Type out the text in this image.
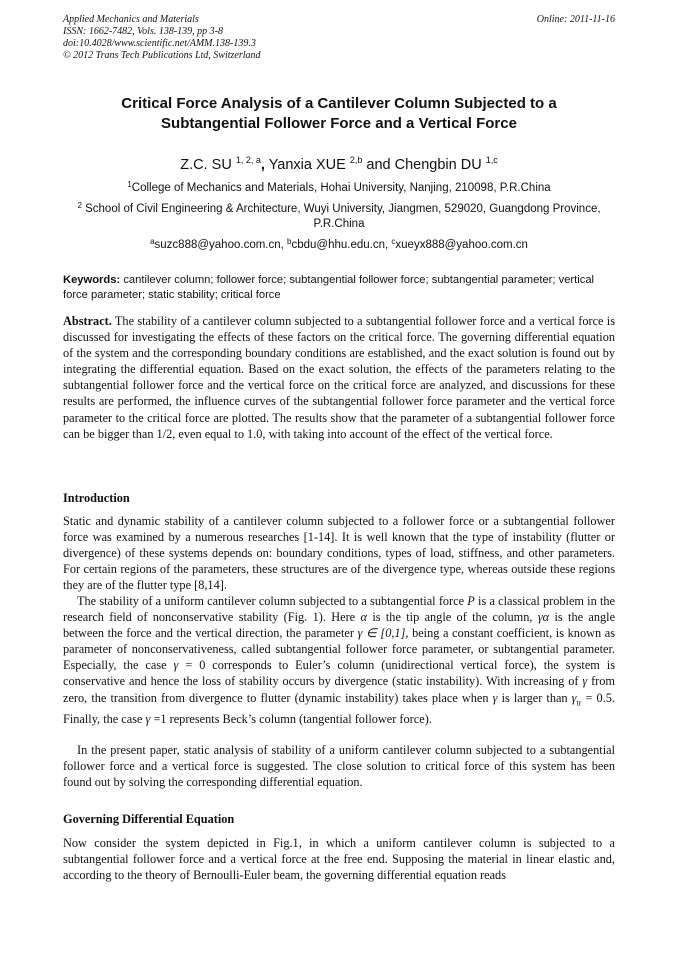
Applied Mechanics and Materials
ISSN: 1662-7482, Vols. 138-139, pp 3-8
doi:10.4028/www.scientific.net/AMM.138-139.3
© 2012 Trans Tech Publications Ltd, Switzerland
Online: 2011-11-16
Critical Force Analysis of a Cantilever Column Subjected to a
Subtangential Follower Force and a Vertical Force
Z.C. SU $^{1, 2, a}$, Yanxia XUE $^{2,b}$ and Chengbin DU $^{1,c}$
$^1$College of Mechanics and Materials, Hohai University, Nanjing, 210098, P.R.China
$^2$ School of Civil Engineering & Architecture, Wuyi University, Jiangmen, 529020, Guangdong Province, P.R.China
$^a$suzc888@yahoo.com.cn, $^b$cbdu@hhu.edu.cn, $^c$xueyx888@yahoo.com.cn
Keywords: cantilever column; follower force; subtangential follower force; subtangential parameter; vertical force parameter; static stability; critical force
Abstract. The stability of a cantilever column subjected to a subtangential follower force and a vertical force is discussed for investigating the effects of these factors on the critical force. The governing differential equation of the system and the corresponding boundary conditions are established, and the exact solution is found out by integrating the differential equation. Based on the exact solution, the effects of the parameters relating to the subtangential follower force and the vertical force on the critical force are analyzed, and discussions for these results are performed, the influence curves of the subtangential follower force parameter and the vertical force parameter to the critical force are plotted. The results show that the parameter of a subtangential follower force can be bigger than 1/2, even equal to 1.0, with taking into account of the effect of the vertical force.
Introduction
Static and dynamic stability of a cantilever column subjected to a follower force or a subtangential follower force was examined by a numerous researches [1-14]. It is well known that the type of instability (flutter or divergence) of these systems depends on: boundary conditions, types of load, stiffness, and other parameters. For certain regions of the parameters, these structures are of the divergence type, whereas outside these regions they are of the flutter type [8,14].
The stability of a uniform cantilever column subjected to a subtangential force P is a classical problem in the research field of nonconservative stability (Fig. 1). Here α is the tip angle of the column, γα is the angle between the force and the vertical direction, the parameter γ ∈ [0,1], being a constant coefficient, is known as parameter of nonconservativeness, called subtangential follower force parameter, or subtangential parameter. Especially, the case γ = 0 corresponds to Euler’s column (unidirectional vertical force), the system is conservative and hence the loss of stability occurs by divergence (static instability). With increasing of γ from zero, the transition from divergence to flutter (dynamic instability) takes place when γ is larger than $\gamma_{tr} = 0.5$. Finally, the case γ =1 represents Beck’s column (tangential follower force).
In the present paper, static analysis of stability of a uniform cantilever column subjected to a subtangential follower force and a vertical force is suggested. The close solution to critical force of this system has been found out by solving the corresponding differential equation.
Governing Differential Equation
Now consider the system depicted in Fig.1, in which a uniform cantilever column is subjected to a subtangential follower force and a vertical force at the free end. Supposing the material in linear elastic and, according to the theory of Bernoulli-Euler beam, the governing differential equation reads
